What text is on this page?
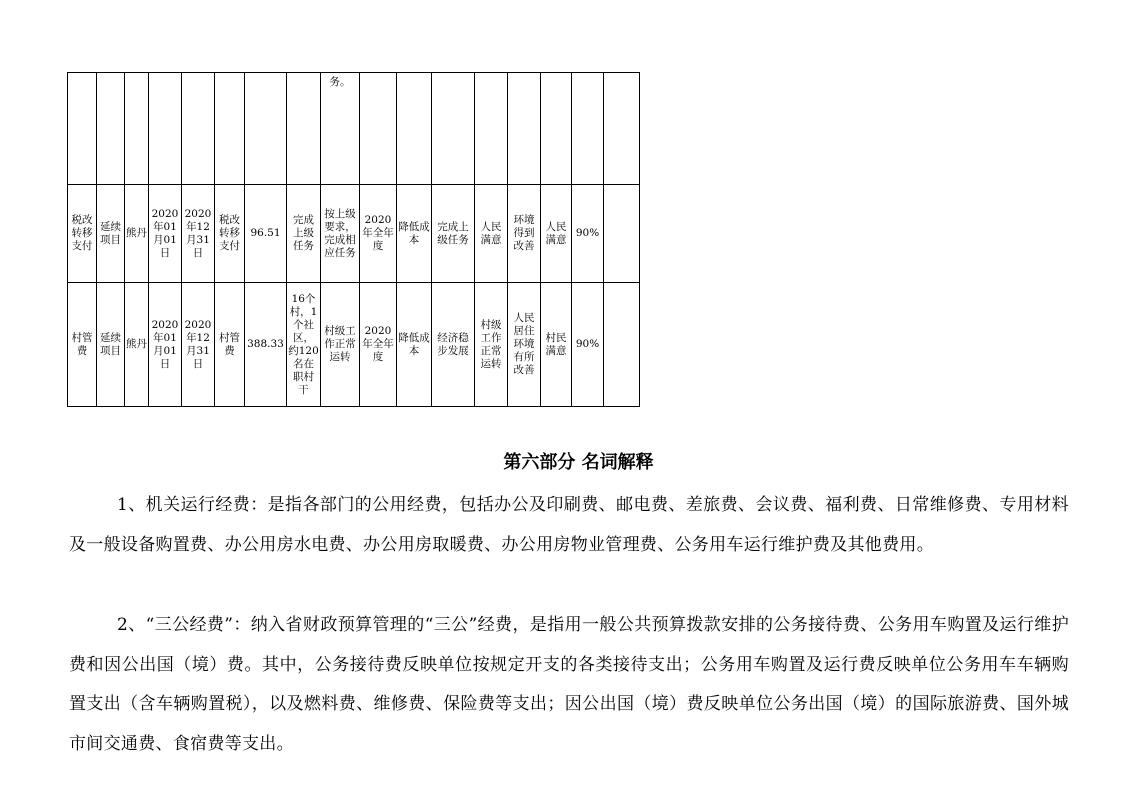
								务。								
税改转移支付	延续项目	熊丹	2020年01月01日	2020年12月31日	税改转移支付	96.51	完成上级任务	按上级要求，完成相应任务	2020年全年度	降低成本	完成上级任务	人民满意	环境得到改善	人民满意	90%	
村管费	延续项目	熊丹	2020年01月01日	2020年12月31日	村管费	388.33	16个村，1个社区，约120名在职村干	村级工作正常运转	2020年全年度	降低成本	经济稳步发展	村级工作正常运转	人民居住环境有所改善	村民满意	90%	
第六部分 名词解释

1、机关运行经费：是指各部门的公用经费，包括办公及印刷费、邮电费、差旅费、会议费、福利费、日常维修费、专用材料及一般设备购置费、办公用房水电费、办公用房取暖费、办公用房物业管理费、公务用车运行维护费及其他费用。

2、“三公经费”：纳入省财政预算管理的“三公”经费，是指用一般公共预算拨款安排的公务接待费、公务用车购置及运行维护费和因公出国（境）费。其中，公务接待费反映单位按规定开支的各类接待支出；公务用车购置及运行费反映单位公务用车车辆购置支出（含车辆购置税），以及燃料费、维修费、保险费等支出；因公出国（境）费反映单位公务出国（境）的国际旅游费、国外城市间交通费、食宿费等支出。
